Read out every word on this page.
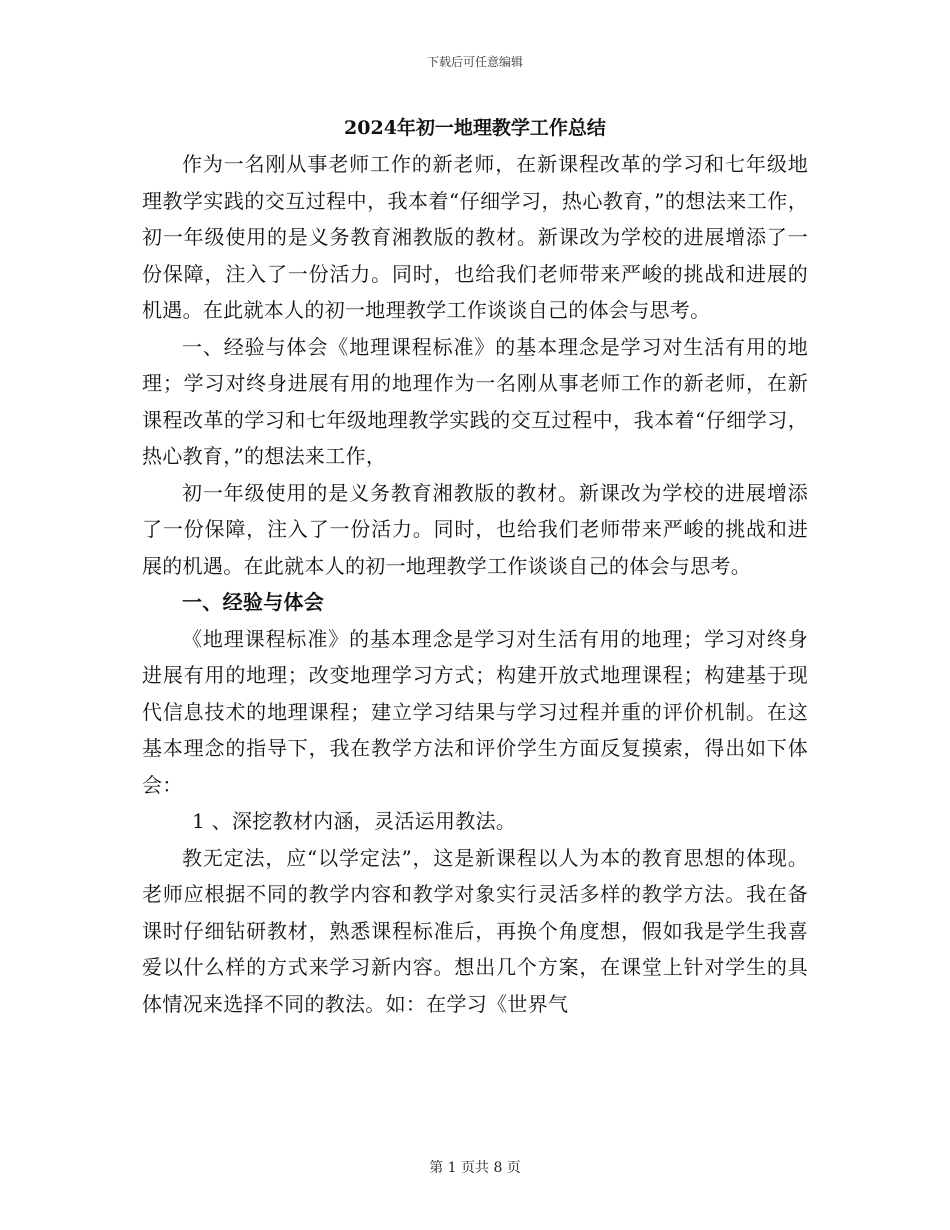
下载后可任意编辑
2024年初一地理教学工作总结

作为一名刚从事老师工作的新老师，在新课程改革的学习和七年级地理教学实践的交互过程中，我本着“仔细学习，热心教育，”的想法来工作，初一年级使用的是义务教育湘教版的教材。新课改为学校的进展增添了一份保障，注入了一份活力。同时，也给我们老师带来严峻的挑战和进展的机遇。在此就本人的初一地理教学工作谈谈自己的体会与思考。

一、经验与体会《地理课程标准》的基本理念是学习对生活有用的地理；学习对终身进展有用的地理作为一名刚从事老师工作的新老师，在新课程改革的学习和七年级地理教学实践的交互过程中，我本着“仔细学习，热心教育，”的想法来工作，

初一年级使用的是义务教育湘教版的教材。新课改为学校的进展增添了一份保障，注入了一份活力。同时，也给我们老师带来严峻的挑战和进展的机遇。在此就本人的初一地理教学工作谈谈自己的体会与思考。

一、经验与体会

《地理课程标准》的基本理念是学习对生活有用的地理；学习对终身进展有用的地理；改变地理学习方式；构建开放式地理课程；构建基于现代信息技术的地理课程；建立学习结果与学习过程并重的评价机制。在这基本理念的指导下，我在教学方法和评价学生方面反复摸索，得出如下体会：

1 、深挖教材内涵，灵活运用教法。

教无定法，应“以学定法”，这是新课程以人为本的教育思想的体现。老师应根据不同的教学内容和教学对象实行灵活多样的教学方法。我在备课时仔细钻研教材，熟悉课程标准后，再换个角度想，假如我是学生我喜爱以什么样的方式来学习新内容。想出几个方案，在课堂上针对学生的具体情况来选择不同的教法。如：在学习《世界气

第 1 页共 8 页
